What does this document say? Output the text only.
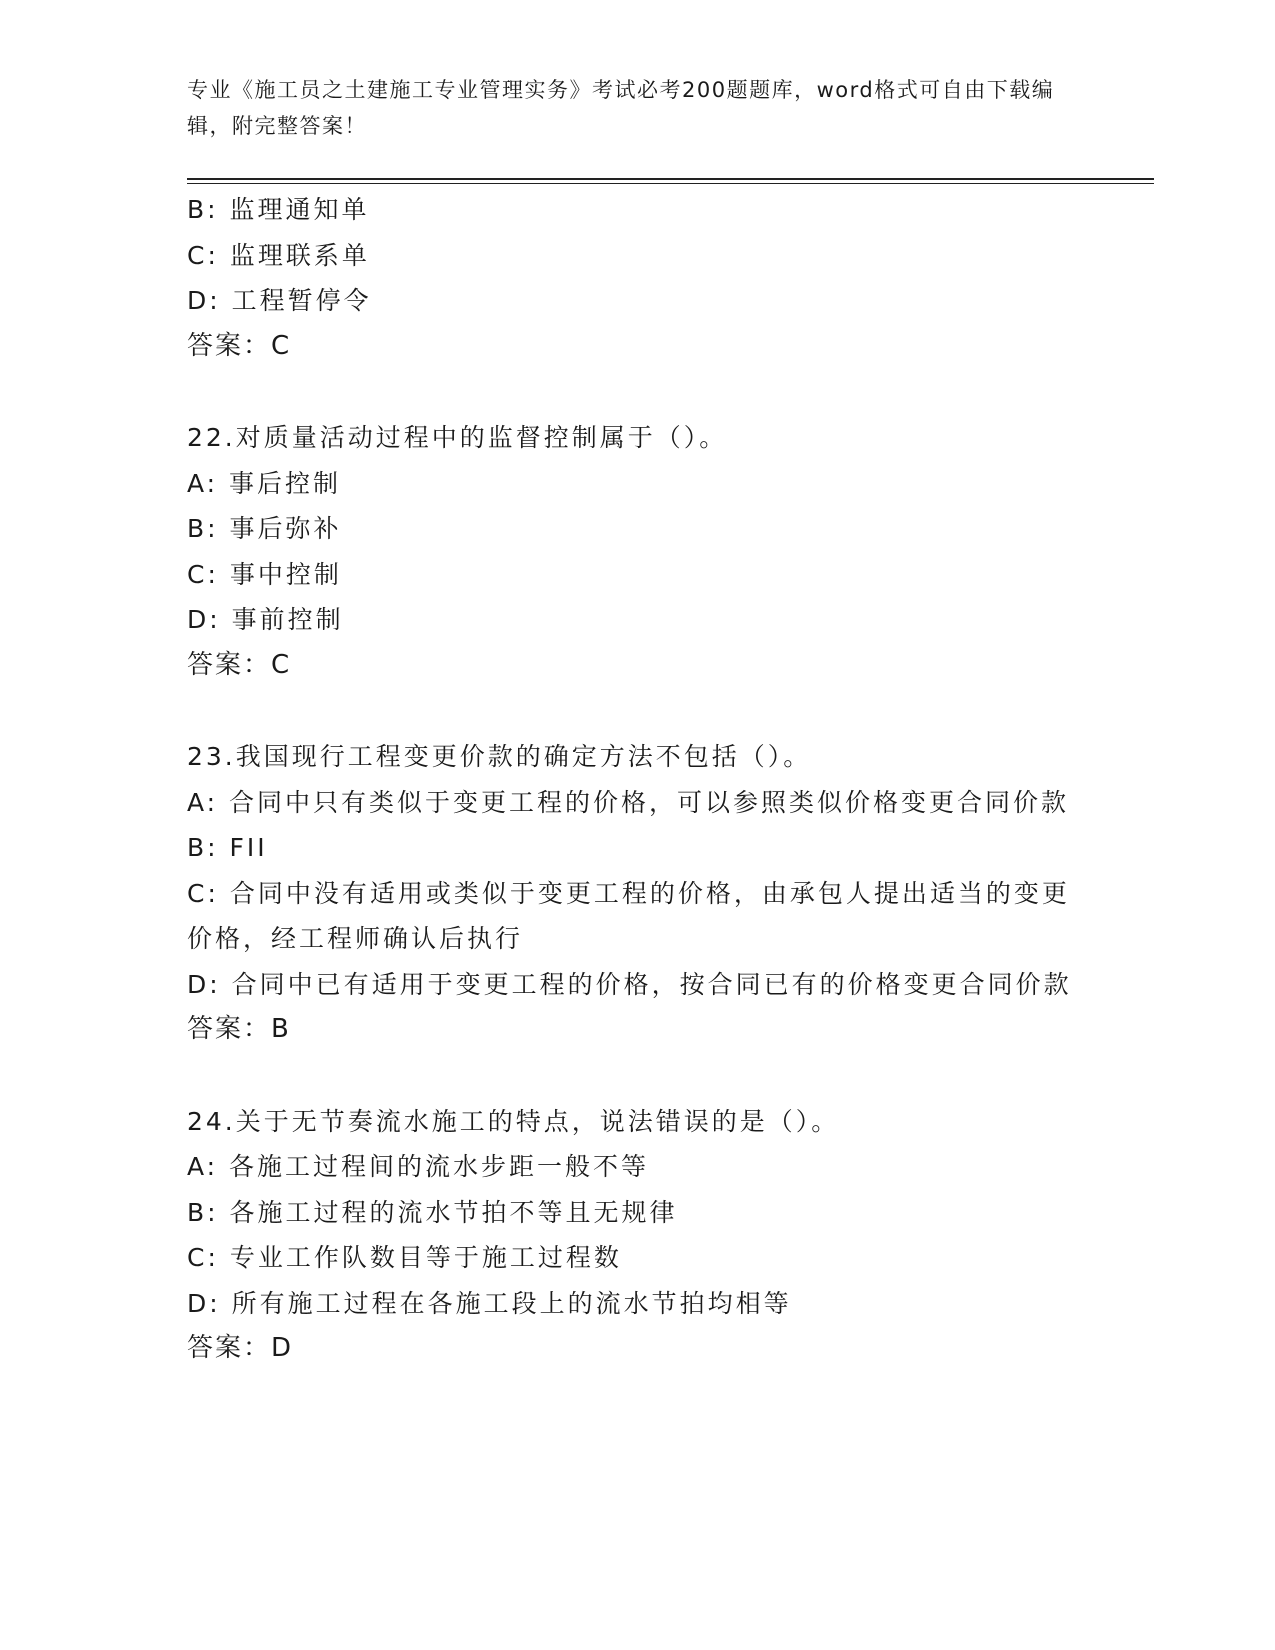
专业《施工员之土建施工专业管理实务》考试必考200题题库，word格式可自由下载编辑，附完整答案！

B: 监理通知单

C: 监理联系单

D: 工程暂停令

答案：C

22.对质量活动过程中的监督控制属于（）。

A: 事后控制

B: 事后弥补

C: 事中控制

D: 事前控制

答案：C

23.我国现行工程变更价款的确定方法不包括（）。

A: 合同中只有类似于变更工程的价格，可以参照类似价格变更合同价款

B: FII

C: 合同中没有适用或类似于变更工程的价格，由承包人提出适当的变更价格，经工程师确认后执行

D: 合同中已有适用于变更工程的价格，按合同已有的价格变更合同价款

答案：B

24.关于无节奏流水施工的特点，说法错误的是（）。

A: 各施工过程间的流水步距一般不等

B: 各施工过程的流水节拍不等且无规律

C: 专业工作队数目等于施工过程数

D: 所有施工过程在各施工段上的流水节拍均相等

答案：D
